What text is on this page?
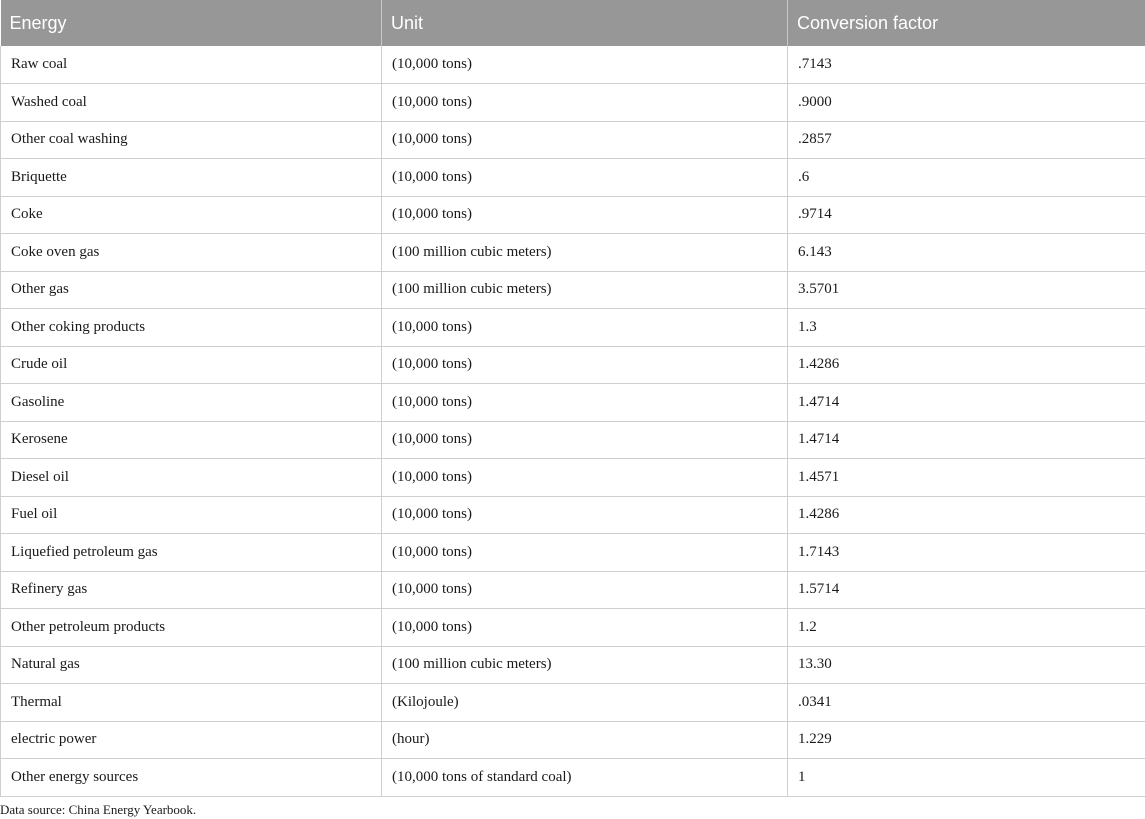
Energy	Unit	Conversion factor
Raw coal	(10,000 tons)	.7143
Washed coal	(10,000 tons)	.9000
Other coal washing	(10,000 tons)	.2857
Briquette	(10,000 tons)	.6
Coke	(10,000 tons)	.9714
Coke oven gas	(100 million cubic meters)	6.143
Other gas	(100 million cubic meters)	3.5701
Other coking products	(10,000 tons)	1.3
Crude oil	(10,000 tons)	1.4286
Gasoline	(10,000 tons)	1.4714
Kerosene	(10,000 tons)	1.4714
Diesel oil	(10,000 tons)	1.4571
Fuel oil	(10,000 tons)	1.4286
Liquefied petroleum gas	(10,000 tons)	1.7143
Refinery gas	(10,000 tons)	1.5714
Other petroleum products	(10,000 tons)	1.2
Natural gas	(100 million cubic meters)	13.30
Thermal	(Kilojoule)	.0341
electric power	(hour)	1.229
Other energy sources	(10,000 tons of standard coal)	1

Data source: China Energy Yearbook.
